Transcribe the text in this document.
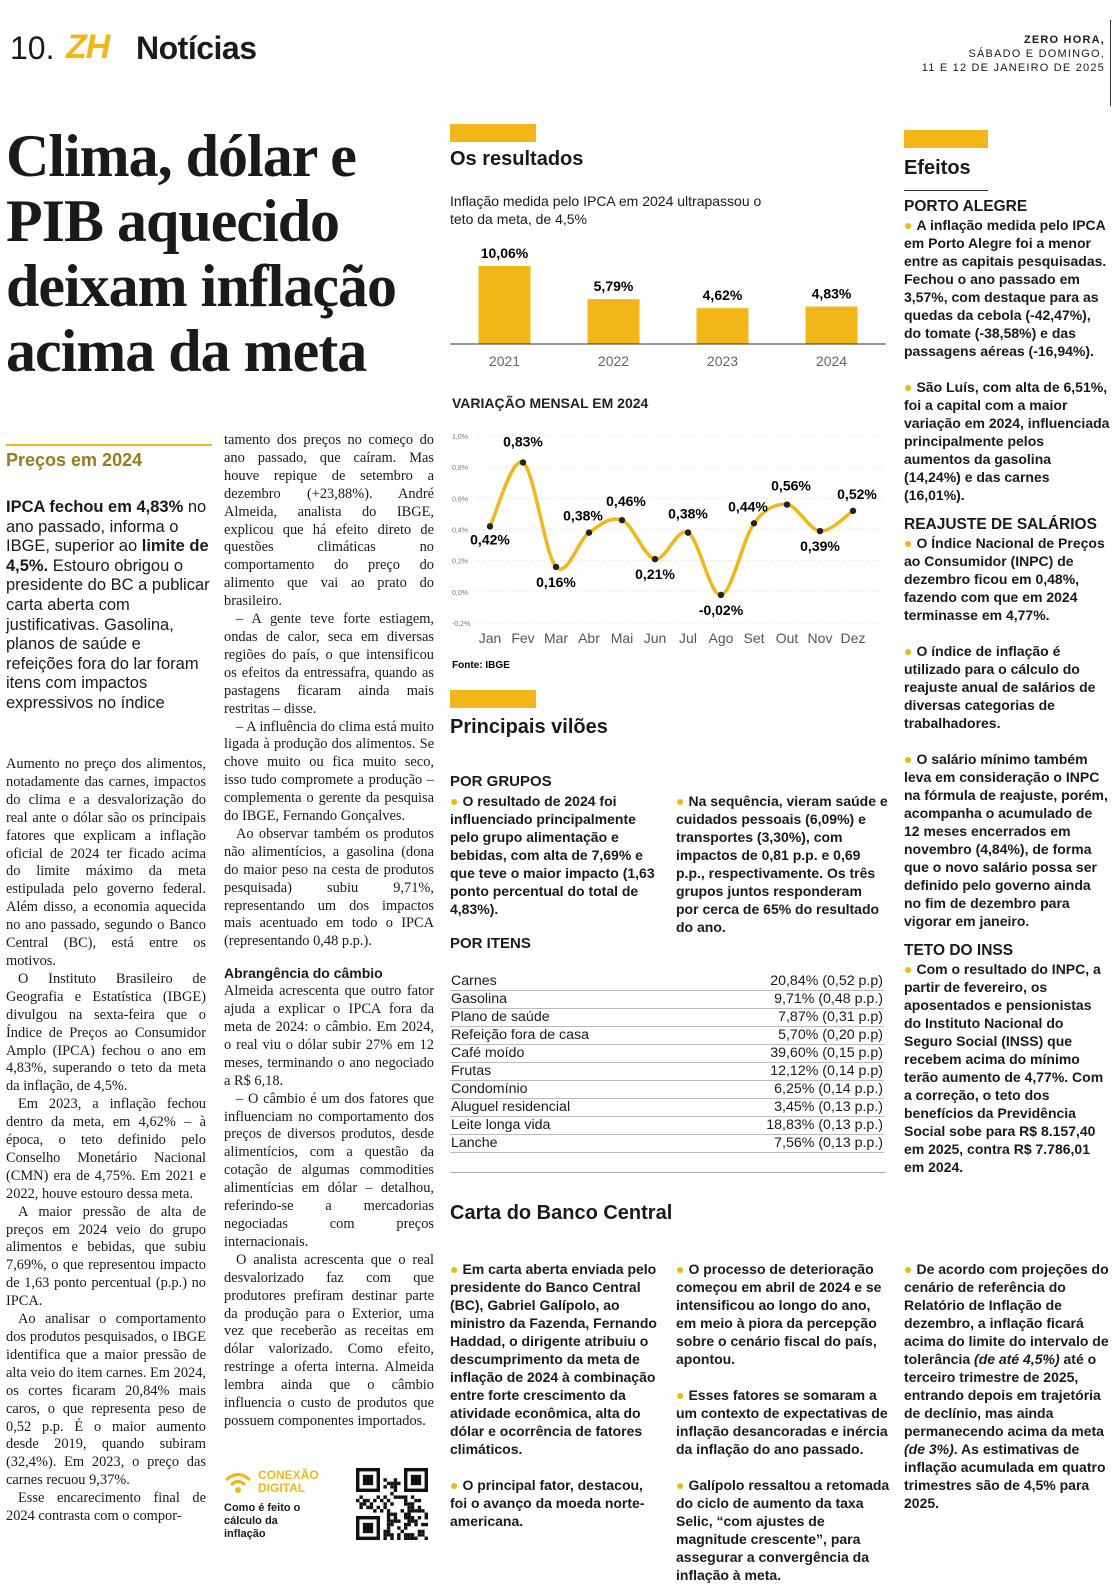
10. ZH Notícias	ZERO HORA,
SÁBADO E DOMINGO,
11 E 12 DE JANEIRO DE 2025
Clima, dólar e PIB aquecido deixam inflação acima da meta
Preços em 2024
IPCA fechou em 4,83% no ano passado, informa o IBGE, superior ao limite de 4,5%. Estouro obrigou o presidente do BC a publicar carta aberta com justificativas. Gasolina, planos de saúde e refeições fora do lar foram itens com impactos expressivos no índice

Aumento no preço dos alimentos, notadamente das carnes, impactos do clima e a desvalorização do real ante o dólar são os principais fatores que explicam a inflação oficial de 2024 ter ficado acima do limite máximo da meta estipulada pelo governo federal. Além disso, a economia aquecida no ano passado, segundo o Banco Central (BC), está entre os motivos.

O Instituto Brasileiro de Geografia e Estatística (IBGE) divulgou na sexta-feira que o Índice de Preços ao Consumidor Amplo (IPCA) fechou o ano em 4,83%, superando o teto da meta da inflação, de 4,5%.

Em 2023, a inflação fechou dentro da meta, em 4,62% – à época, o teto definido pelo Conselho Monetário Nacional (CMN) era de 4,75%. Em 2021 e 2022, houve estouro dessa meta.

A maior pressão de alta de preços em 2024 veio do grupo alimentos e bebidas, que subiu 7,69%, o que representou impacto de 1,63 ponto percentual (p.p.) no IPCA.

Ao analisar o comportamento dos produtos pesquisados, o IBGE identifica que a maior pressão de alta veio do item carnes. Em 2024, os cortes ficaram 20,84% mais caros, o que representa peso de 0,52 p.p. É o maior aumento desde 2019, quando subiram (32,4%). Em 2023, o preço das carnes recuou 9,37%.

Esse encarecimento final de 2024 contrasta com o compor-

tamento dos preços no começo do ano passado, que caíram. Mas houve repique de setembro a dezembro (+23,88%). André Almeida, analista do IBGE, explicou que há efeito direto de questões climáticas no comportamento do preço do alimento que vai ao prato do brasileiro.

– A gente teve forte estiagem, ondas de calor, seca em diversas regiões do país, o que intensificou os efeitos da entressafra, quando as pastagens ficaram ainda mais restritas – disse.

– A influência do clima está muito ligada à produção dos alimentos. Se chove muito ou fica muito seco, isso tudo compromete a produção – complementa o gerente da pesquisa do IBGE, Fernando Gonçalves.

Ao observar também os produtos não alimentícios, a gasolina (dona do maior peso na cesta de produtos pesquisada) subiu 9,71%, representando um dos impactos mais acentuado em todo o IPCA (representando 0,48 p.p.).

Abrangência do câmbio

Almeida acrescenta que outro fator ajuda a explicar o IPCA fora da meta de 2024: o câmbio. Em 2024, o real viu o dólar subir 27% em 12 meses, terminando o ano negociado a R$ 6,18.

– O câmbio é um dos fatores que influenciam no comportamento dos preços de diversos produtos, desde alimentícios, com a questão da cotação de algumas commodities alimentícias em dólar – detalhou, referindo-se a mercadorias negociadas com preços internacionais.

O analista acrescenta que o real desvalorizado faz com que produtores prefiram destinar parte da produção para o Exterior, uma vez que receberão as receitas em dólar valorizado. Como efeito, restringe a oferta interna. Almeida lembra ainda que o câmbio influencia o custo de produtos que possuem componentes importados.

CONEXÃO
DIGITAL
Como é feito o cálculo da inflação
Os resultados
Inflação medida pelo IPCA em 2024 ultrapassou o teto da meta, de 4,5%
10,06%
2021
5,79%
2022
4,62%
2023
4,83%
2024
VARIAÇÃO MENSAL EM 2024
-0,2%
0,0%
0,2%
0,4%
0,6%
0,8%
1,0%
0,42%
Jan
0,83%
Fev
0,16%
Mar
0,38%
Abr
0,46%
Mai
0,21%
Jun
0,38%
Jul
-0,02%
Ago
0,44%
Set
0,56%
Out
0,39%
Nov
0,52%
Dez
Fonte: IBGE
Principais vilões
POR GRUPOS
● O resultado de 2024 foi influenciado principalmente pelo grupo alimentação e bebidas, com alta de 7,69% e que teve o maior impacto (1,63 ponto percentual do total de 4,83%).
● Na sequência, vieram saúde e cuidados pessoais (6,09%) e transportes (3,30%), com impactos de 0,81 p.p. e 0,69 p.p., respectivamente. Os três grupos juntos responderam por cerca de 65% do resultado do ano.
POR ITENS
Carnes	20,84% (0,52 p.p)
Gasolina	9,71% (0,48 p.p.)
Plano de saúde	7,87% (0,31 p.p)
Refeição fora de casa	5,70% (0,20 p.p)
Café moído	39,60% (0,15 p.p)
Frutas	12,12% (0,14 p.p)
Condomínio	6,25% (0,14 p.p.)
Aluguel residencial	3,45% (0,13 p.p.)
Leite longa vida	18,83% (0,13 p.p.)
Lanche	7,56% (0,13 p.p.)
Carta do Banco Central

● Em carta aberta enviada pelo presidente do Banco Central (BC), Gabriel Galípolo, ao ministro da Fazenda, Fernando Haddad, o dirigente atribuiu o descumprimento da meta de inflação de 2024 à combinação entre forte crescimento da atividade econômica, alta do dólar e ocorrência de fatores climáticos.

● O principal fator, destacou, foi o avanço da moeda norte-americana.

● O processo de deterioração começou em abril de 2024 e se intensificou ao longo do ano, em meio à piora da percepção sobre o cenário fiscal do país, apontou.

● Esses fatores se somaram a um contexto de expectativas de inflação desancoradas e inércia da inflação do ano passado.

● Galípolo ressaltou a retomada do ciclo de aumento da taxa Selic, “com ajustes de magnitude crescente”, para assegurar a convergência da inflação à meta.

● De acordo com projeções do cenário de referência do Relatório de Inflação de dezembro, a inflação ficará acima do limite do intervalo de tolerância (de até 4,5%) até o terceiro trimestre de 2025, entrando depois em trajetória de declínio, mas ainda permanecendo acima da meta (de 3%). As estimativas de inflação acumulada em quatro trimestres são de 4,5% para 2025.

Efeitos
PORTO ALEGRE

● A inflação medida pelo IPCA em Porto Alegre foi a menor entre as capitais pesquisadas. Fechou o ano passado em 3,57%, com destaque para as quedas da cebola (-42,47%), do tomate (-38,58%) e das passagens aéreas (-16,94%).

● São Luís, com alta de 6,51%, foi a capital com a maior variação em 2024, influenciada principalmente pelos aumentos da gasolina (14,24%) e das carnes (16,01%).

REAJUSTE DE SALÁRIOS

● O Índice Nacional de Preços ao Consumidor (INPC) de dezembro ficou em 0,48%, fazendo com que em 2024 terminasse em 4,77%.

● O índice de inflação é utilizado para o cálculo do reajuste anual de salários de diversas categorias de trabalhadores.

● O salário mínimo também leva em consideração o INPC na fórmula de reajuste, porém, acompanha o acumulado de 12 meses encerrados em novembro (4,84%), de forma que o novo salário possa ser definido pelo governo ainda no fim de dezembro para vigorar em janeiro.

TETO DO INSS

● Com o resultado do INPC, a partir de fevereiro, os aposentados e pensionistas do Instituto Nacional do Seguro Social (INSS) que recebem acima do mínimo terão aumento de 4,77%. Com a correção, o teto dos benefícios da Previdência Social sobe para R$ 8.157,40 em 2025, contra R$ 7.786,01 em 2024.
